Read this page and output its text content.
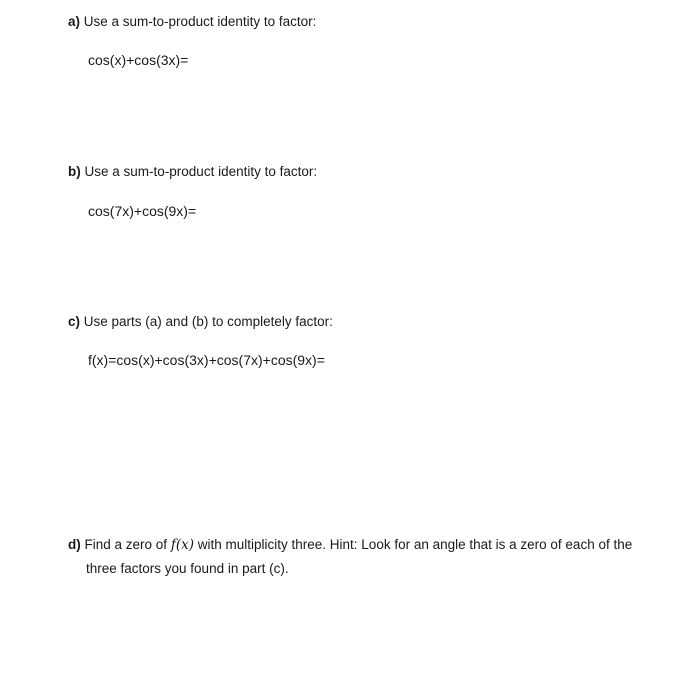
a) Use a sum-to-product identity to factor:
cos(x)+cos(3x)=
b) Use a sum-to-product identity to factor:
cos(7x)+cos(9x)=
c) Use parts (a) and (b) to completely factor:
f(x)=cos(x)+cos(3x)+cos(7x)+cos(9x)=
d) Find a zero of f(x) with multiplicity three. Hint: Look for an angle that is a zero of each of the
three factors you found in part (c).
